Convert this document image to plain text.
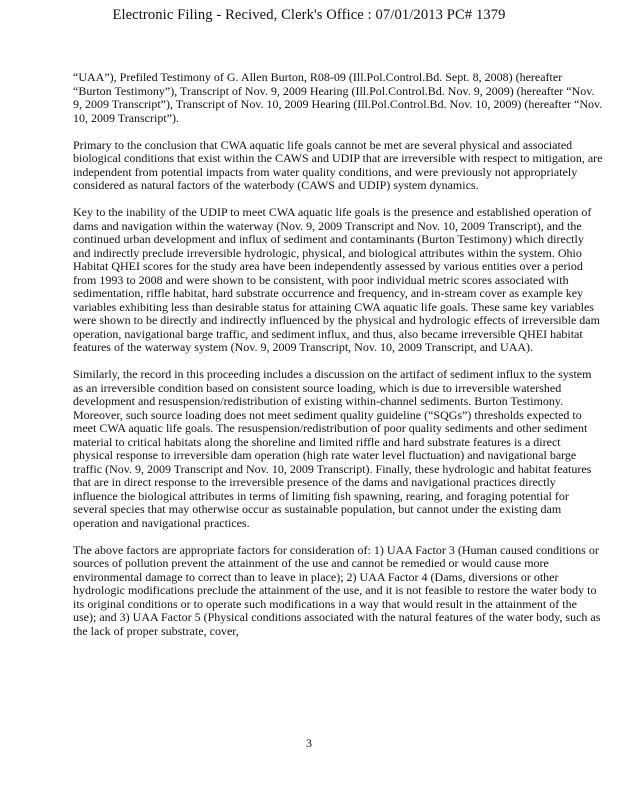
Electronic Filing - Recived, Clerk's Office : 07/01/2013 PC# 1379

“UAA”), Prefiled Testimony of G. Allen Burton, R08-09 (Ill.Pol.Control.Bd. Sept. 8, 2008) (hereafter “Burton Testimony”), Transcript of Nov. 9, 2009 Hearing (Ill.Pol.Control.Bd. Nov. 9, 2009) (hereafter “Nov. 9, 2009 Transcript”), Transcript of Nov. 10, 2009 Hearing (Ill.Pol.Control.Bd. Nov. 10, 2009) (hereafter “Nov. 10, 2009 Transcript”).

Primary to the conclusion that CWA aquatic life goals cannot be met are several physical and associated biological conditions that exist within the CAWS and UDIP that are irreversible with respect to mitigation, are independent from potential impacts from water quality conditions, and were previously not appropriately considered as natural factors of the waterbody (CAWS and UDIP) system dynamics.

Key to the inability of the UDIP to meet CWA aquatic life goals is the presence and established operation of dams and navigation within the waterway (Nov. 9, 2009 Transcript and Nov. 10, 2009 Transcript), and the continued urban development and influx of sediment and contaminants (Burton Testimony) which directly and indirectly preclude irreversible hydrologic, physical, and biological attributes within the system. Ohio Habitat QHEI scores for the study area have been independently assessed by various entities over a period from 1993 to 2008 and were shown to be consistent, with poor individual metric scores associated with sedimentation, riffle habitat, hard substrate occurrence and frequency, and in-stream cover as example key variables exhibiting less than desirable status for attaining CWA aquatic life goals. These same key variables were shown to be directly and indirectly influenced by the physical and hydrologic effects of irreversible dam operation, navigational barge traffic, and sediment influx, and thus, also became irreversible QHEI habitat features of the waterway system (Nov. 9, 2009 Transcript, Nov. 10, 2009 Transcript, and UAA).

Similarly, the record in this proceeding includes a discussion on the artifact of sediment influx to the system as an irreversible condition based on consistent source loading, which is due to irreversible watershed development and resuspension/redistribution of existing within-channel sediments. Burton Testimony. Moreover, such source loading does not meet sediment quality guideline (“SQGs”) thresholds expected to meet CWA aquatic life goals. The resuspension/redistribution of poor quality sediments and other sediment material to critical habitats along the shoreline and limited riffle and hard substrate features is a direct physical response to irreversible dam operation (high rate water level fluctuation) and navigational barge traffic (Nov. 9, 2009 Transcript and Nov. 10, 2009 Transcript). Finally, these hydrologic and habitat features that are in direct response to the irreversible presence of the dams and navigational practices directly influence the biological attributes in terms of limiting fish spawning, rearing, and foraging potential for several species that may otherwise occur as sustainable population, but cannot under the existing dam operation and navigational practices.

The above factors are appropriate factors for consideration of: 1) UAA Factor 3 (Human caused conditions or sources of pollution prevent the attainment of the use and cannot be remedied or would cause more environmental damage to correct than to leave in place); 2) UAA Factor 4 (Dams, diversions or other hydrologic modifications preclude the attainment of the use, and it is not feasible to restore the water body to its original conditions or to operate such modifications in a way that would result in the attainment of the use); and 3) UAA Factor 5 (Physical conditions associated with the natural features of the water body, such as the lack of proper substrate, cover,

3
